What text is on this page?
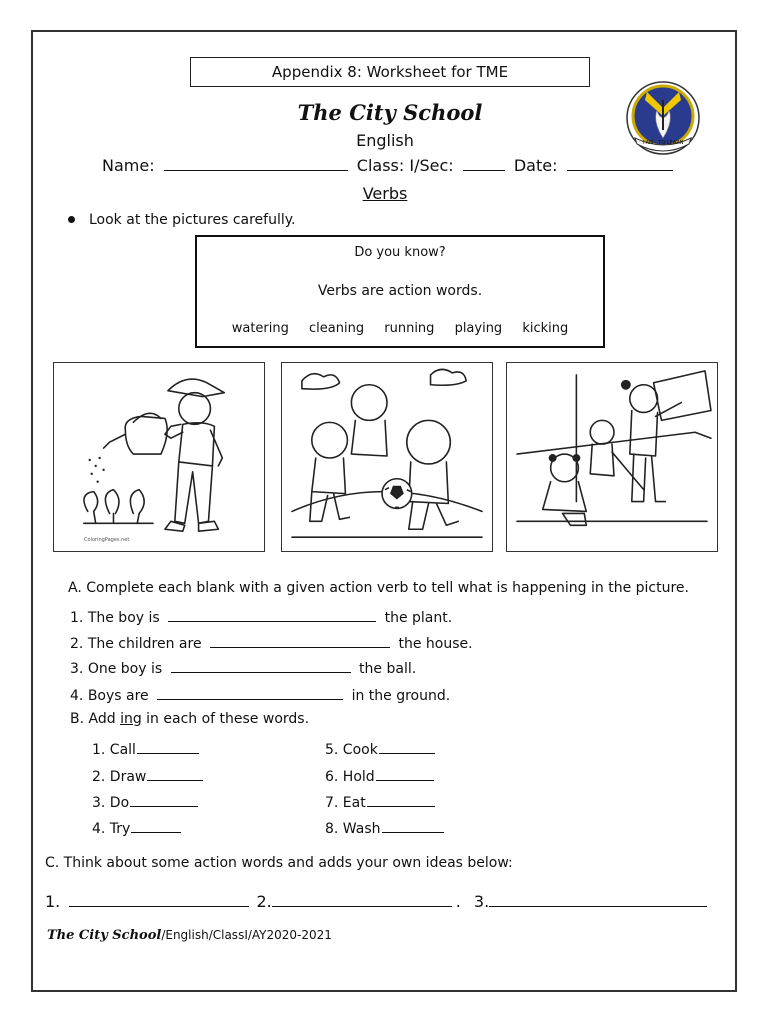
Appendix 8: Worksheet for TME
I AM - TO LEARN
The City School
English
Name:	Class: I/Sec:	Date:
Verbs
Look at the pictures carefully.
Do you know?
Verbs are action words.
watering cleaning running playing kicking
ColoringPages.net
A. Complete each blank with a given action verb to tell what is happening in the picture.
1. The boy is	the plant.
2. The children are	the house.
3. One boy is	the ball.
4. Boys are	in the ground.
B. Add ing in each of these words.
1. Call
2. Draw
3. Do
4. Try
5. Cook
6. Hold
7. Eat
8. Wash
C. Think about some action words and adds your own ideas below:
1.	2.	. 3.
The City School/English/ClassI/AY2020-2021
